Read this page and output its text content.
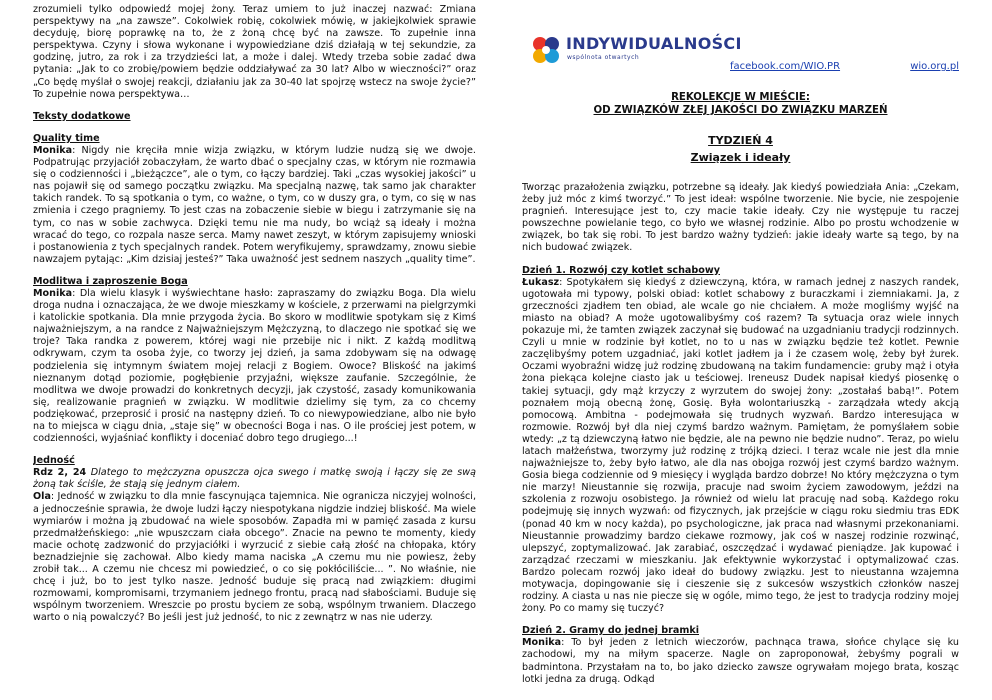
zrozumieli tylko odpowiedź mojej żony. Teraz umiem to już inaczej nazwać: Zmiana perspektywy na „na zawsze”. Cokolwiek robię, cokolwiek mówię, w jakiejkolwiek sprawie decyduję, biorę poprawkę na to, że z żoną chcę być na zawsze. To zupełnie inna perspektywa. Czyny i słowa wykonane i wypowiedziane dziś działają w tej sekundzie, za godzinę, jutro, za rok i za trzydzieści lat, a może i dalej. Wtedy trzeba sobie zadać dwa pytania: „Jak to co zrobię/powiem będzie oddziaływać za 30 lat? Albo w wieczności?” oraz „Co będę myślał o swojej reakcji, działaniu jak za 30-40 lat spojrzę wstecz na swoje życie?” To zupełnie nowa perspektywa…

Teksty dodatkowe

Quality time

Monika: Nigdy nie kręciła mnie wizja związku, w którym ludzie nudzą się we dwoje. Podpatrując przyjaciół zobaczyłam, że warto dbać o specjalny czas, w którym nie rozmawia się o codzienności i „bieżączce”, ale o tym, co łączy bardziej. Taki „czas wysokiej jakości” u nas pojawił się od samego początku związku. Ma specjalną nazwę, tak samo jak charakter takich randek. To są spotkania o tym, co ważne, o tym, co w duszy gra, o tym, co się w nas zmienia i czego pragniemy. To jest czas na zobaczenie siebie w biegu i zatrzymanie się na tym, co nas w sobie zachwyca. Dzięki temu nie ma nudy, bo wciąż są ideały i można wracać do tego, co rozpala nasze serca. Mamy nawet zeszyt, w którym zapisujemy wnioski i postanowienia z tych specjalnych randek. Potem weryfikujemy, sprawdzamy, znowu siebie nawzajem pytając: „Kim dzisiaj jesteś?” Taka uważność jest sednem naszych „quality time”.

Modlitwa i zaproszenie Boga

Monika: Dla wielu klasyk i wyświechtane hasło: zapraszamy do związku Boga. Dla wielu droga nudna i oznaczająca, że we dwoje mieszkamy w kościele, z przerwami na pielgrzymki i katolickie spotkania. Dla mnie przygoda życia. Bo skoro w modlitwie spotykam się z Kimś najważniejszym, a na randce z Najważniejszym Mężczyzną, to dlaczego nie spotkać się we troje? Taka randka z powerem, której wagi nie przebije nic i nikt. Z każdą modlitwą odkrywam, czym ta osoba żyje, co tworzy jej dzień, ja sama zdobywam się na odwagę podzielenia się intymnym światem mojej relacji z Bogiem. Owoce? Bliskość na jakimś nieznanym dotąd poziomie, pogłębienie przyjaźni, większe zaufanie. Szczególnie, że modlitwa we dwoje prowadzi do konkretnych decyzji, jak czystość, zasady komunikowania się, realizowanie pragnień w związku. W modlitwie dzielimy się tym, za co chcemy podziękować, przeprosić i prosić na następny dzień. To co niewypowiedziane, albo nie było na to miejsca w ciągu dnia, „staje się” w obecności Boga i nas. O ile prościej jest potem, w codzienności, wyjaśniać konflikty i doceniać dobro tego drugiego...!

Jedność

Rdz 2, 24 Dlatego to mężczyzna opuszcza ojca swego i matkę swoją i łączy się ze swą żoną tak ściśle, że stają się jednym ciałem.

Ola: Jedność w związku to dla mnie fascynująca tajemnica. Nie ogranicza niczyjej wolności, a jednocześnie sprawia, że dwoje ludzi łączy niespotykana nigdzie indziej bliskość. Ma wiele wymiarów i można ją zbudować na wiele sposobów. Zapadła mi w pamięć zasada z kursu przedmałżeńskiego: „nie wpuszczam ciała obcego”. Znacie na pewno te momenty, kiedy macie ochotę zadzwonić do przyjaciółki i wyrzucić z siebie całą złość na chłopaka, który beznadziejnie się zachował. Albo kiedy mama naciska „A czemu mu nie powiesz, żeby zrobił tak... A czemu nie chcesz mi powiedzieć, o co się pokłóciliście... ”. No właśnie, nie chcę i już, bo to jest tylko nasze. Jedność buduje się pracą nad związkiem: długimi rozmowami, kompromisami, trzymaniem jednego frontu, pracą nad słabościami. Buduje się wspólnym tworzeniem. Wreszcie po prostu byciem ze sobą, wspólnym trwaniem. Dlaczego warto o nią powalczyć? Bo jeśli jest już jedność, to nic z zewnątrz w nas nie uderzy.

INDYWIDUALNOŚCI
wspólnota otwartych
facebook.com/WIO.PR	wio.org.pl

REKOLEKCJE W MIEŚCIE:

OD ZWIĄZKÓW ZŁEJ JAKOŚCI DO ZWIĄZKU MARZEŃ

TYDZIEŃ 4

Związek i ideały

Tworząc prazałożenia związku, potrzebne są ideały. Jak kiedyś powiedziała Ania: „Czekam, żeby już móc z kimś tworzyć.” To jest ideał: wspólne tworzenie. Nie bycie, nie zespojenie pragnień. Interesujące jest to, czy macie takie ideały. Czy nie występuje tu raczej powszechne powielanie tego, co było we własnej rodzinie. Albo po prostu wchodzenie w związek, bo tak się robi. To jest bardzo ważny tydzień: jakie ideały warte są tego, by na nich budować związek.

Dzień 1. Rozwój czy kotlet schabowy

Łukasz: Spotykałem się kiedyś z dziewczyną, która, w ramach jednej z naszych randek, ugotowała mi typowy, polski obiad: kotlet schabowy z buraczkami i ziemniakami. Ja, z grzeczności zjadłem ten obiad, ale wcale go nie chciałem. A może mogliśmy wyjść na miasto na obiad? A może ugotowalibyśmy coś razem? Ta sytuacja oraz wiele innych pokazuje mi, że tamten związek zaczynał się budować na uzgadnianiu tradycji rodzinnych. Czyli u mnie w rodzinie był kotlet, no to u nas w związku będzie też kotlet. Pewnie zaczęlibyśmy potem uzgadniać, jaki kotlet jadłem ja i że czasem wolę, żeby był żurek. Oczami wyobraźni widzę już rodzinę zbudowaną na takim fundamencie: gruby mąż i otyła żona piekąca kolejne ciasto jak u teściowej. Ireneusz Dudek napisał kiedyś piosenkę o takiej sytuacji, gdy mąż krzyczy z wyrzutem do swojej żony: „zostałaś babą!”. Potem poznałem moją obecną żonę, Gosię. Była wolontariuszką - zarządzała wtedy akcją pomocową. Ambitna - podejmowała się trudnych wyzwań. Bardzo interesująca w rozmowie. Rozwój był dla niej czymś bardzo ważnym. Pamiętam, że pomyślałem sobie wtedy: „z tą dziewczyną łatwo nie będzie, ale na pewno nie będzie nudno”. Teraz, po wielu latach małżeństwa, tworzymy już rodzinę z trójką dzieci. I teraz wcale nie jest dla mnie najważniejsze to, żeby było łatwo, ale dla nas obojga rozwój jest czymś bardzo ważnym. Gosia biega codziennie od 9 miesięcy i wygląda bardzo dobrze! No który mężczyzna o tym nie marzy! Nieustannie się rozwija, pracuje nad swoim życiem zawodowym, jeździ na szkolenia z rozwoju osobistego. Ja również od wielu lat pracuję nad sobą. Każdego roku podejmuję się innych wyzwań: od fizycznych, jak przejście w ciągu roku siedmiu tras EDK (ponad 40 km w nocy każda), po psychologiczne, jak praca nad własnymi przekonaniami. Nieustannie prowadzimy bardzo ciekawe rozmowy, jak coś w naszej rodzinie rozwinąć, ulepszyć, zoptymalizować. Jak zarabiać, oszczędzać i wydawać pieniądze. Jak kupować i zarządzać rzeczami w mieszkaniu. Jak efektywnie wykorzystać i optymalizować czas. Bardzo polecam rozwój jako ideał do budowy związku. Jest to nieustanna wzajemna motywacja, dopingowanie się i cieszenie się z sukcesów wszystkich członków naszej rodziny. A ciasta u nas nie piecze się w ogóle, mimo tego, że jest to tradycja rodziny mojej żony. Po co mamy się tuczyć?

Dzień 2. Gramy do jednej bramki

Monika: To był jeden z letnich wieczorów, pachnąca trawa, słońce chylące się ku zachodowi, my na miłym spacerze. Nagle on zaproponował, żebyśmy pograli w badmintona. Przystałam na to, bo jako dziecko zawsze ogrywałam mojego brata, kosząc lotki jedna za drugą. Odkąd
